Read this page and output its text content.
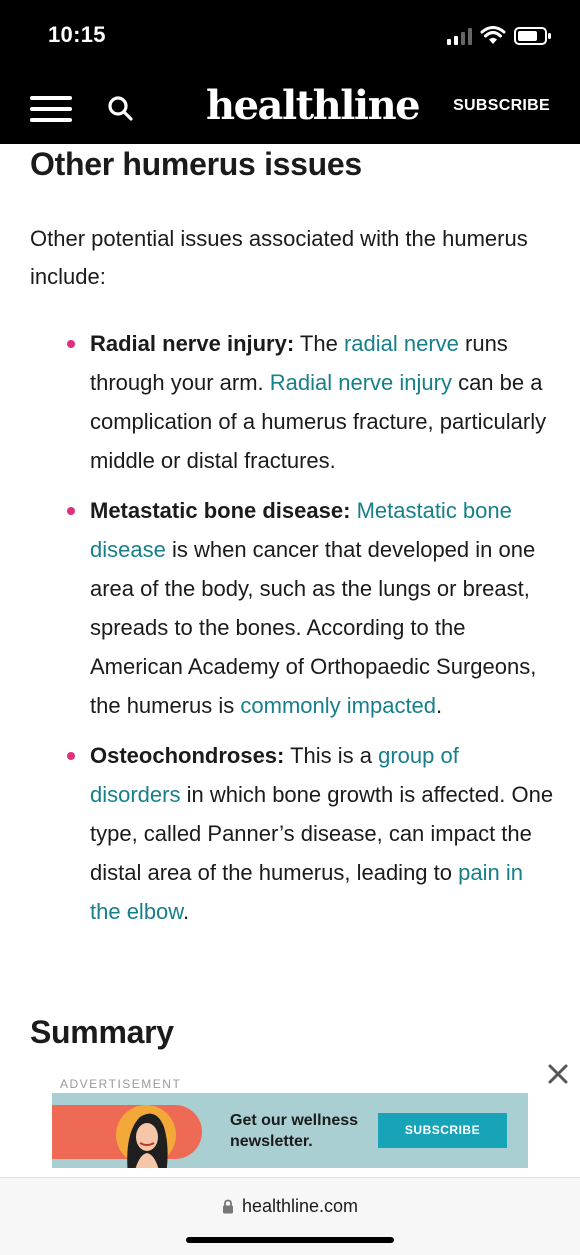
10:15
healthline SUBSCRIBE
Other humerus issues

Other potential issues associated with the humerus include:

Radial nerve injury: The radial nerve runs through your arm. Radial nerve injury can be a complication of a humerus fracture, particularly middle or distal fractures.
Metastatic bone disease: Metastatic bone disease is when cancer that developed in one area of the body, such as the lungs or breast, spreads to the bones. According to the American Academy of Orthopaedic Surgeons, the humerus is commonly impacted.
Osteochondroses: This is a group of disorders in which bone growth is affected. One type, called Panner’s disease, can impact the distal area of the humerus, leading to pain in the elbow.
Summary
ADVERTISEMENT
Get our wellness newsletter.
SUBSCRIBE
healthline.com
